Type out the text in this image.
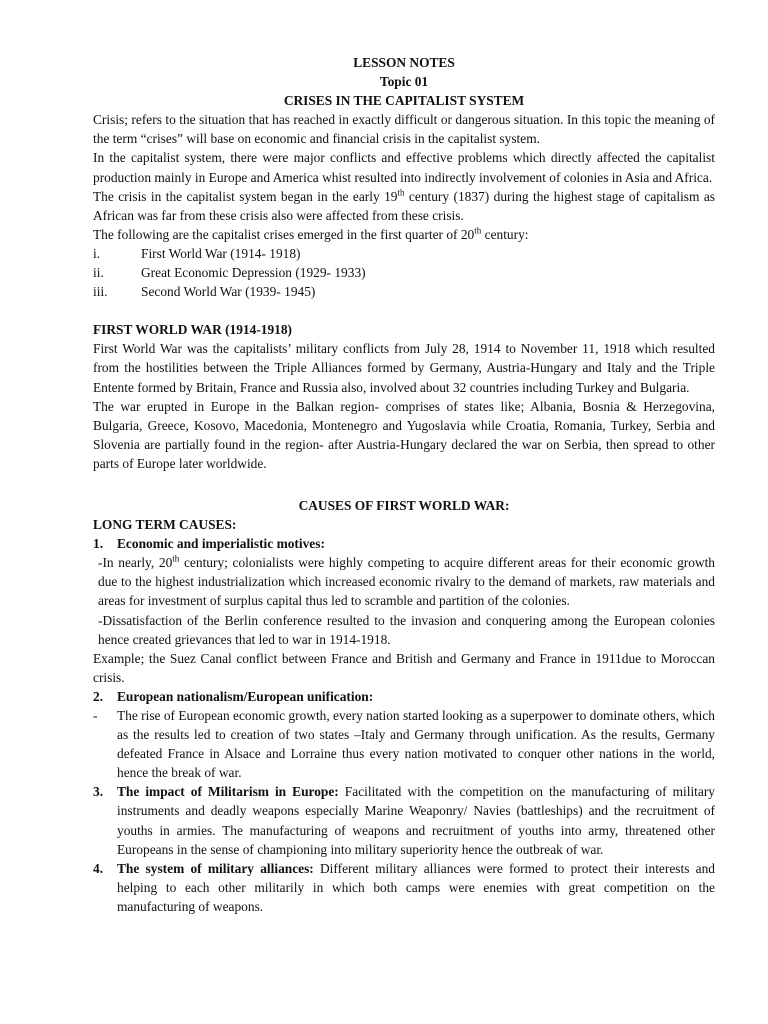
LESSON NOTES

Topic 01

CRISES IN THE CAPITALIST SYSTEM

Crisis; refers to the situation that has reached in exactly difficult or dangerous situation. In this topic the meaning of the term “crises” will base on economic and financial crisis in the capitalist system.

In the capitalist system, there were major conflicts and effective problems which directly affected the capitalist production mainly in Europe and America whist resulted into indirectly involvement of colonies in Asia and Africa.

The crisis in the capitalist system began in the early 19th century (1837) during the highest stage of capitalism as African was far from these crisis also were affected from these crisis.

The following are the capitalist crises emerged in the first quarter of 20th century:

i.	First World War (1914- 1918)
ii.	Great Economic Depression (1929- 1933)
iii. Second World War (1939- 1945)

FIRST WORLD WAR (1914-1918)

First World War was the capitalists’ military conflicts from July 28, 1914 to November 11, 1918 which resulted from the hostilities between the Triple Alliances formed by Germany, Austria-Hungary and Italy and the Triple Entente formed by Britain, France and Russia also, involved about 32 countries including Turkey and Bulgaria.

The war erupted in Europe in the Balkan region- comprises of states like; Albania, Bosnia & Herzegovina, Bulgaria, Greece, Kosovo, Macedonia, Montenegro and Yugoslavia while Croatia, Romania, Turkey, Serbia and Slovenia are partially found in the region- after Austria-Hungary declared the war on Serbia, then spread to other parts of Europe later worldwide.

CAUSES OF FIRST WORLD WAR:

LONG TERM CAUSES:

1. Economic and imperialistic motives:

-In nearly, 20th century; colonialists were highly competing to acquire different areas for their economic growth due to the highest industrialization which increased economic rivalry to the demand of markets, raw materials and areas for investment of surplus capital thus led to scramble and partition of the colonies.

-Dissatisfaction of the Berlin conference resulted to the invasion and conquering among the European colonies hence created grievances that led to war in 1914-1918.

Example; the Suez Canal conflict between France and British and Germany and France in 1911due to Moroccan crisis.

2. European nationalism/European unification:
- The rise of European economic growth, every nation started looking as a superpower to dominate others, which as the results led to creation of two states –Italy and Germany through unification. As the results, Germany defeated France in Alsace and Lorraine thus every nation motivated to conquer other nations in the world, hence the break of war.
3. The impact of Militarism in Europe: Facilitated with the competition on the manufacturing of military instruments and deadly weapons especially Marine Weaponry/ Navies (battleships) and the recruitment of youths in armies. The manufacturing of weapons and recruitment of youths into army, threatened other Europeans in the sense of championing into military superiority hence the outbreak of war.
4. The system of military alliances: Different military alliances were formed to protect their interests and helping to each other militarily in which both camps were enemies with great competition on the manufacturing of weapons.
